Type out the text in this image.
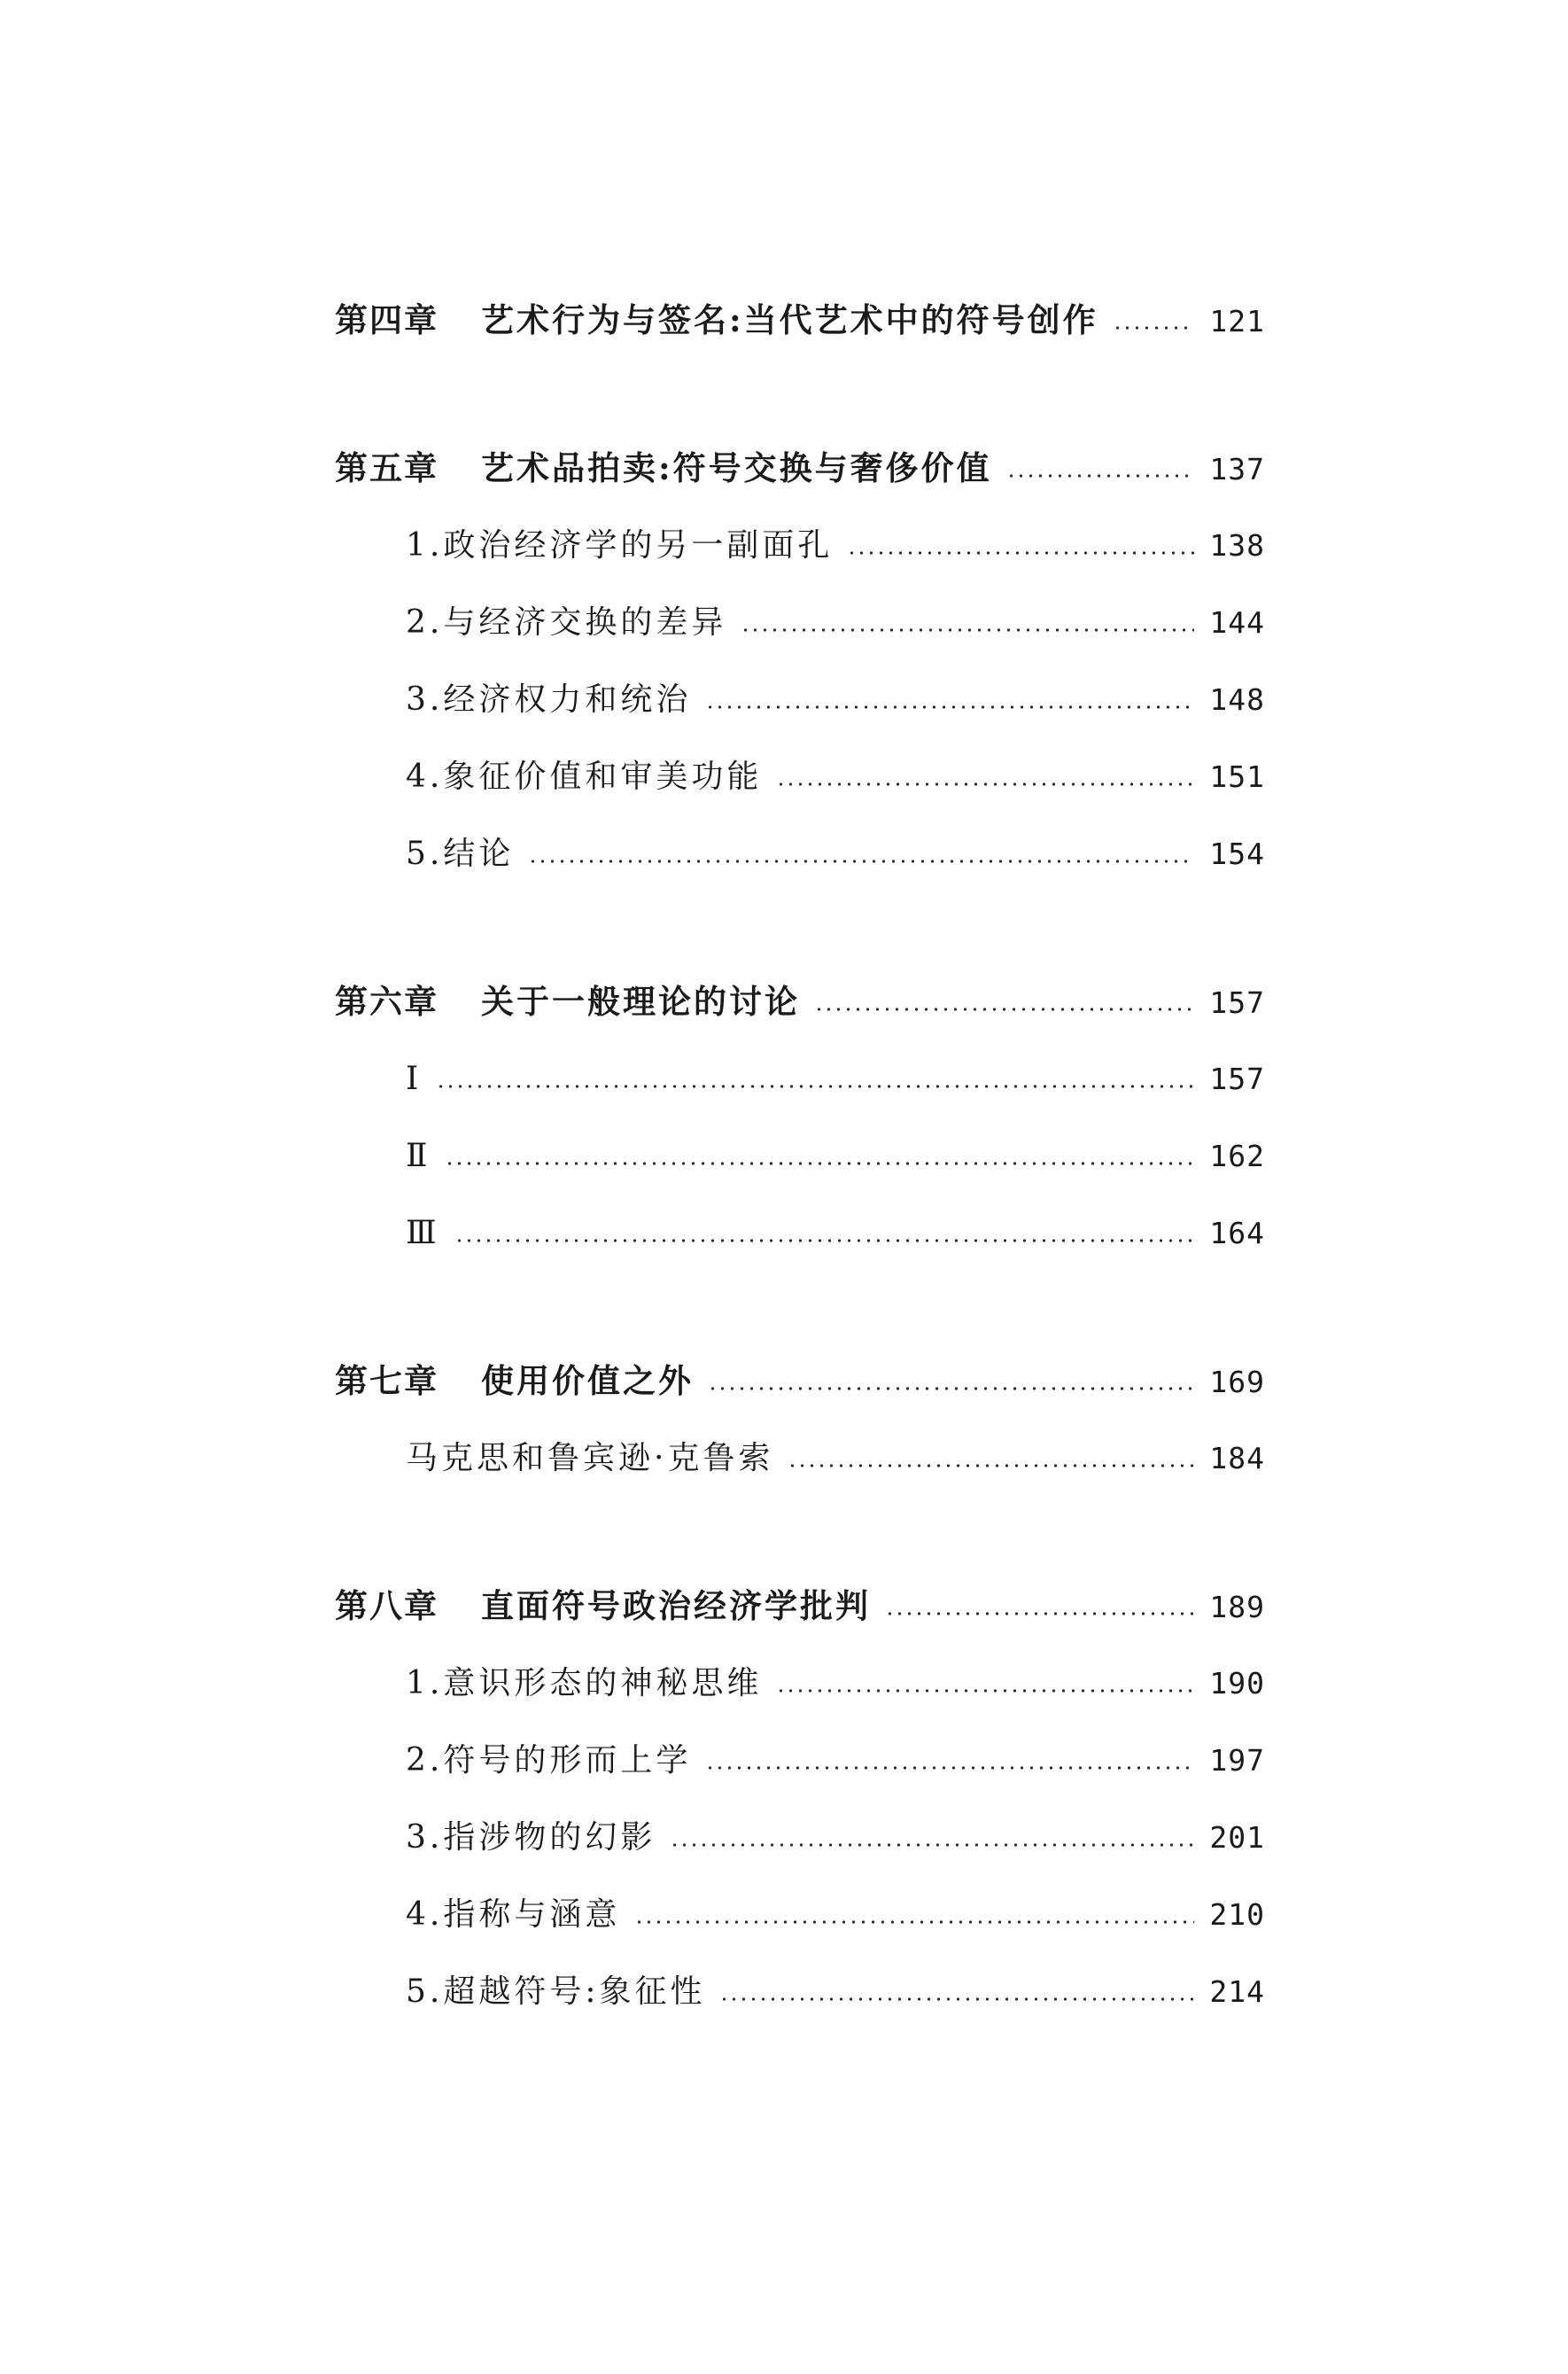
第四章	艺术行为与签名:当代艺术中的符号创作	121
第五章	艺术品拍卖:符号交换与奢侈价值	137
1.政治经济学的另一副面孔	138
2.与经济交换的差异	144
3.经济权力和统治	148
4.象征价值和审美功能	151
5.结论	154
第六章	关于一般理论的讨论	157
Ⅰ	157
Ⅱ	162
Ⅲ	164
第七章	使用价值之外	169
马克思和鲁宾逊·克鲁索	184
第八章	直面符号政治经济学批判	189
1.意识形态的神秘思维	190
2.符号的形而上学	197
3.指涉物的幻影	201
4.指称与涵意	210
5.超越符号:象征性	214
